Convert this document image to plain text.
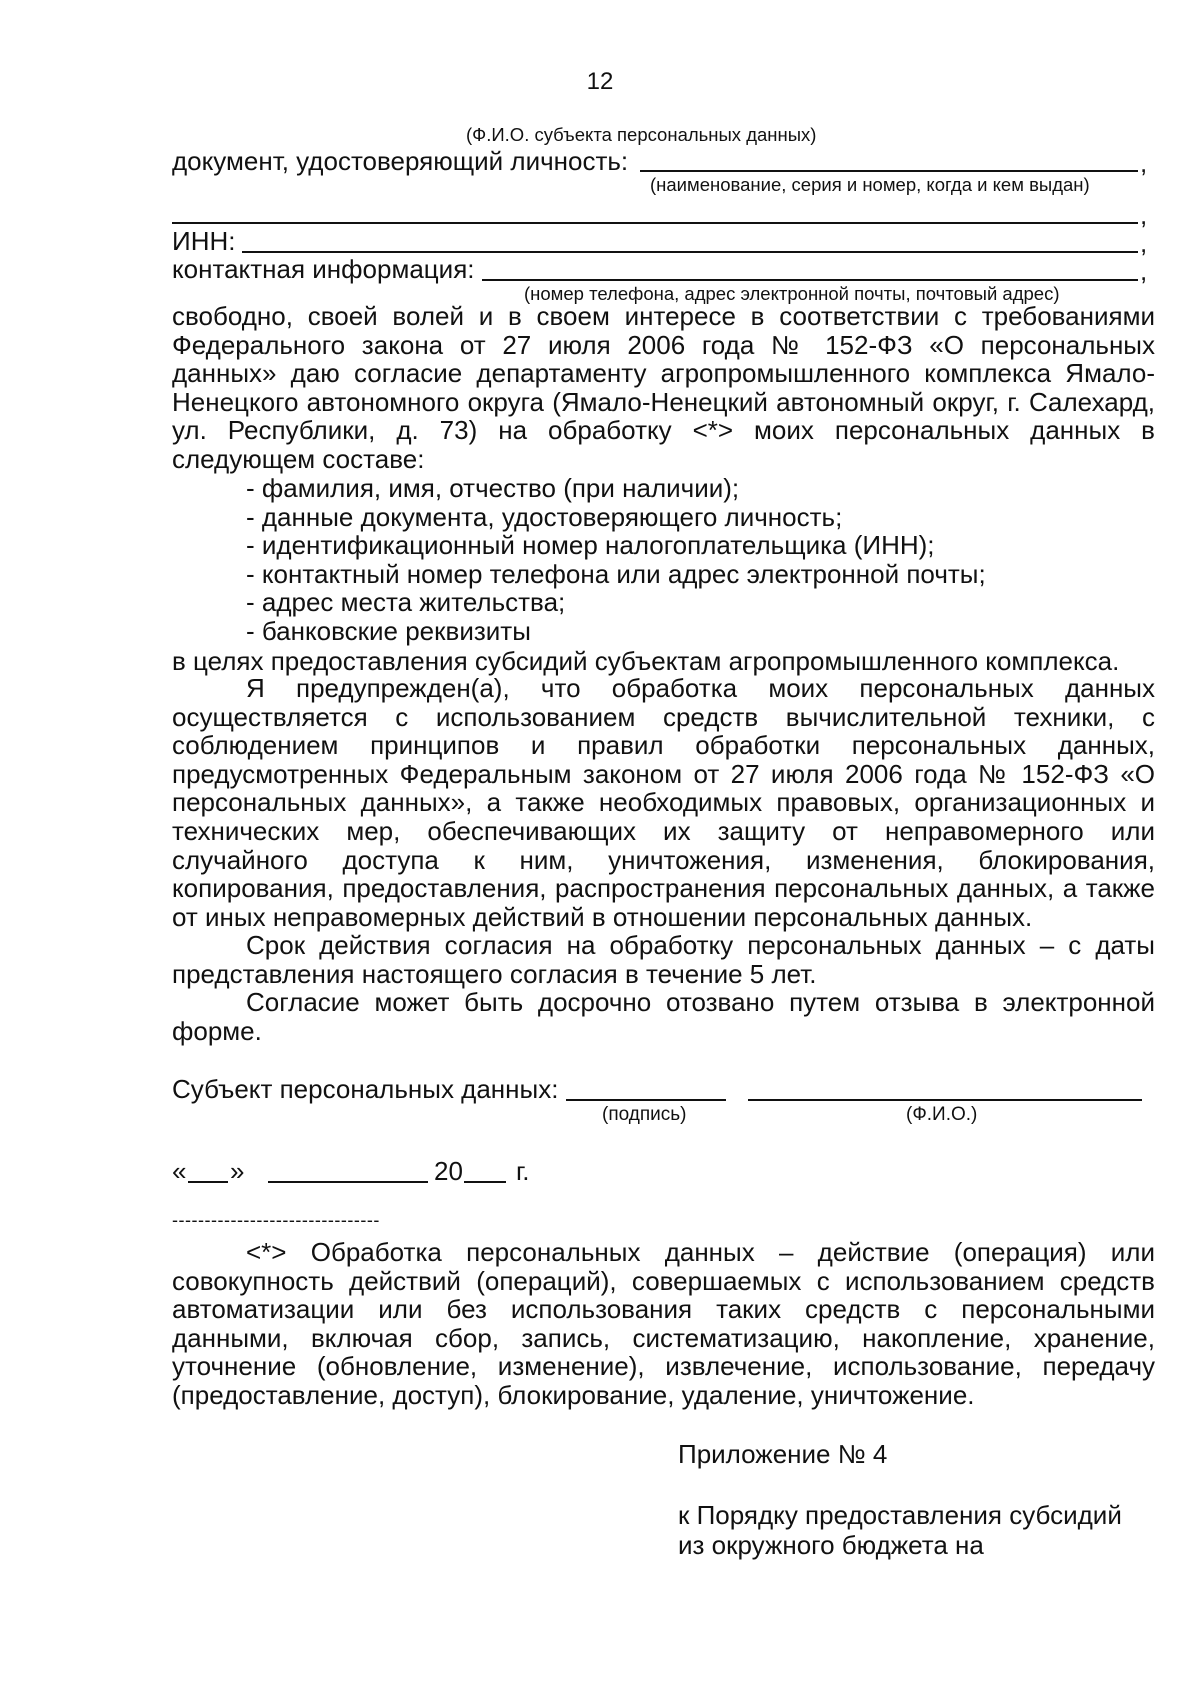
12
(Ф.И.О. субъекта персональных данных)
документ, удостоверяющий личность:	,
(наименование, серия и номер, когда и кем выдан)
,
ИНН:	,
контактная информация:	,
(номер телефона, адрес электронной почты, почтовый адрес)
свободно, своей волей и в своем интересе в соответствии с требованиями Федерального закона от 27 июля 2006 года № 152-ФЗ «О персональных данных» даю согласие департаменту агропромышленного комплекса Ямало-Ненецкого автономного округа (Ямало-Ненецкий автономный округ, г. Салехард, ул. Республики, д. 73) на обработку <*> моих персональных данных в следующем составе:
- фамилия, имя, отчество (при наличии);
- данные документа, удостоверяющего личность;
- идентификационный номер налогоплательщика (ИНН);
- контактный номер телефона или адрес электронной почты;
- адрес места жительства;
- банковские реквизиты
в целях предоставления субсидий субъектам агропромышленного комплекса.
Я предупрежден(а), что обработка моих персональных данных осуществляется с использованием средств вычислительной техники, с соблюдением принципов и правил обработки персональных данных, предусмотренных Федеральным законом от 27 июля 2006 года № 152-ФЗ «О персональных данных», а также необходимых правовых, организационных и технических мер, обеспечивающих их защиту от неправомерного или случайного доступа к ним, уничтожения, изменения, блокирования, копирования, предоставления, распространения персональных данных, а также от иных неправомерных действий в отношении персональных данных.
Срок действия согласия на обработку персональных данных – с даты представления настоящего согласия в течение 5 лет.
Согласие может быть досрочно отозвано путем отзыва в электронной форме.
Субъект персональных данных:
(подпись)	(Ф.И.О.)
« »	20 г.
--------------------------------
<*> Обработка персональных данных – действие (операция) или совокупность действий (операций), совершаемых с использованием средств автоматизации или без использования таких средств с персональными данными, включая сбор, запись, систематизацию, накопление, хранение, уточнение (обновление, изменение), извлечение, использование, передачу (предоставление, доступ), блокирование, удаление, уничтожение.
Приложение № 4
к Порядку предоставления субсидий
из окружного бюджета на
